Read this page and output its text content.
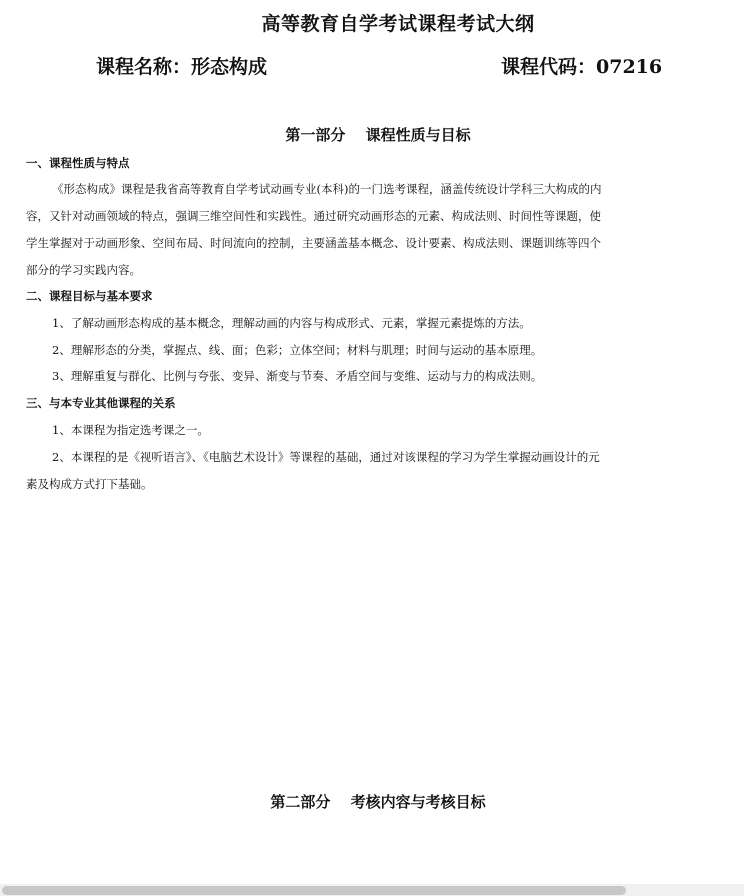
高等教育自学考试课程考试大纲
课程名称：形态构成	课程代码：07216
第一部分　 课程性质与目标
一、课程性质与特点
《形态构成》课程是我省高等教育自学考试动画专业(本科)的一门选考课程，涵盖传统设计学科三大构成的内
容，又针对动画领域的特点，强调三维空间性和实践性。通过研究动画形态的元素、构成法则、时间性等课题，使
学生掌握对于动画形象、空间布局、时间流向的控制，主要涵盖基本概念、设计要素、构成法则、课题训练等四个
部分的学习实践内容。
二、课程目标与基本要求
1、了解动画形态构成的基本概念，理解动画的内容与构成形式、元素，掌握元素提炼的方法。
2、理解形态的分类，掌握点、线、面；色彩；立体空间；材料与肌理；时间与运动的基本原理。
3、理解重复与群化、比例与夸张、变异、渐变与节奏、矛盾空间与变维、运动与力的构成法则。
三、与本专业其他课程的关系
1、本课程为指定选考课之一。
2、本课程的是《视听语言》、《电脑艺术设计》等课程的基础，通过对该课程的学习为学生掌握动画设计的元
素及构成方式打下基础。
第二部分　 考核内容与考核目标
